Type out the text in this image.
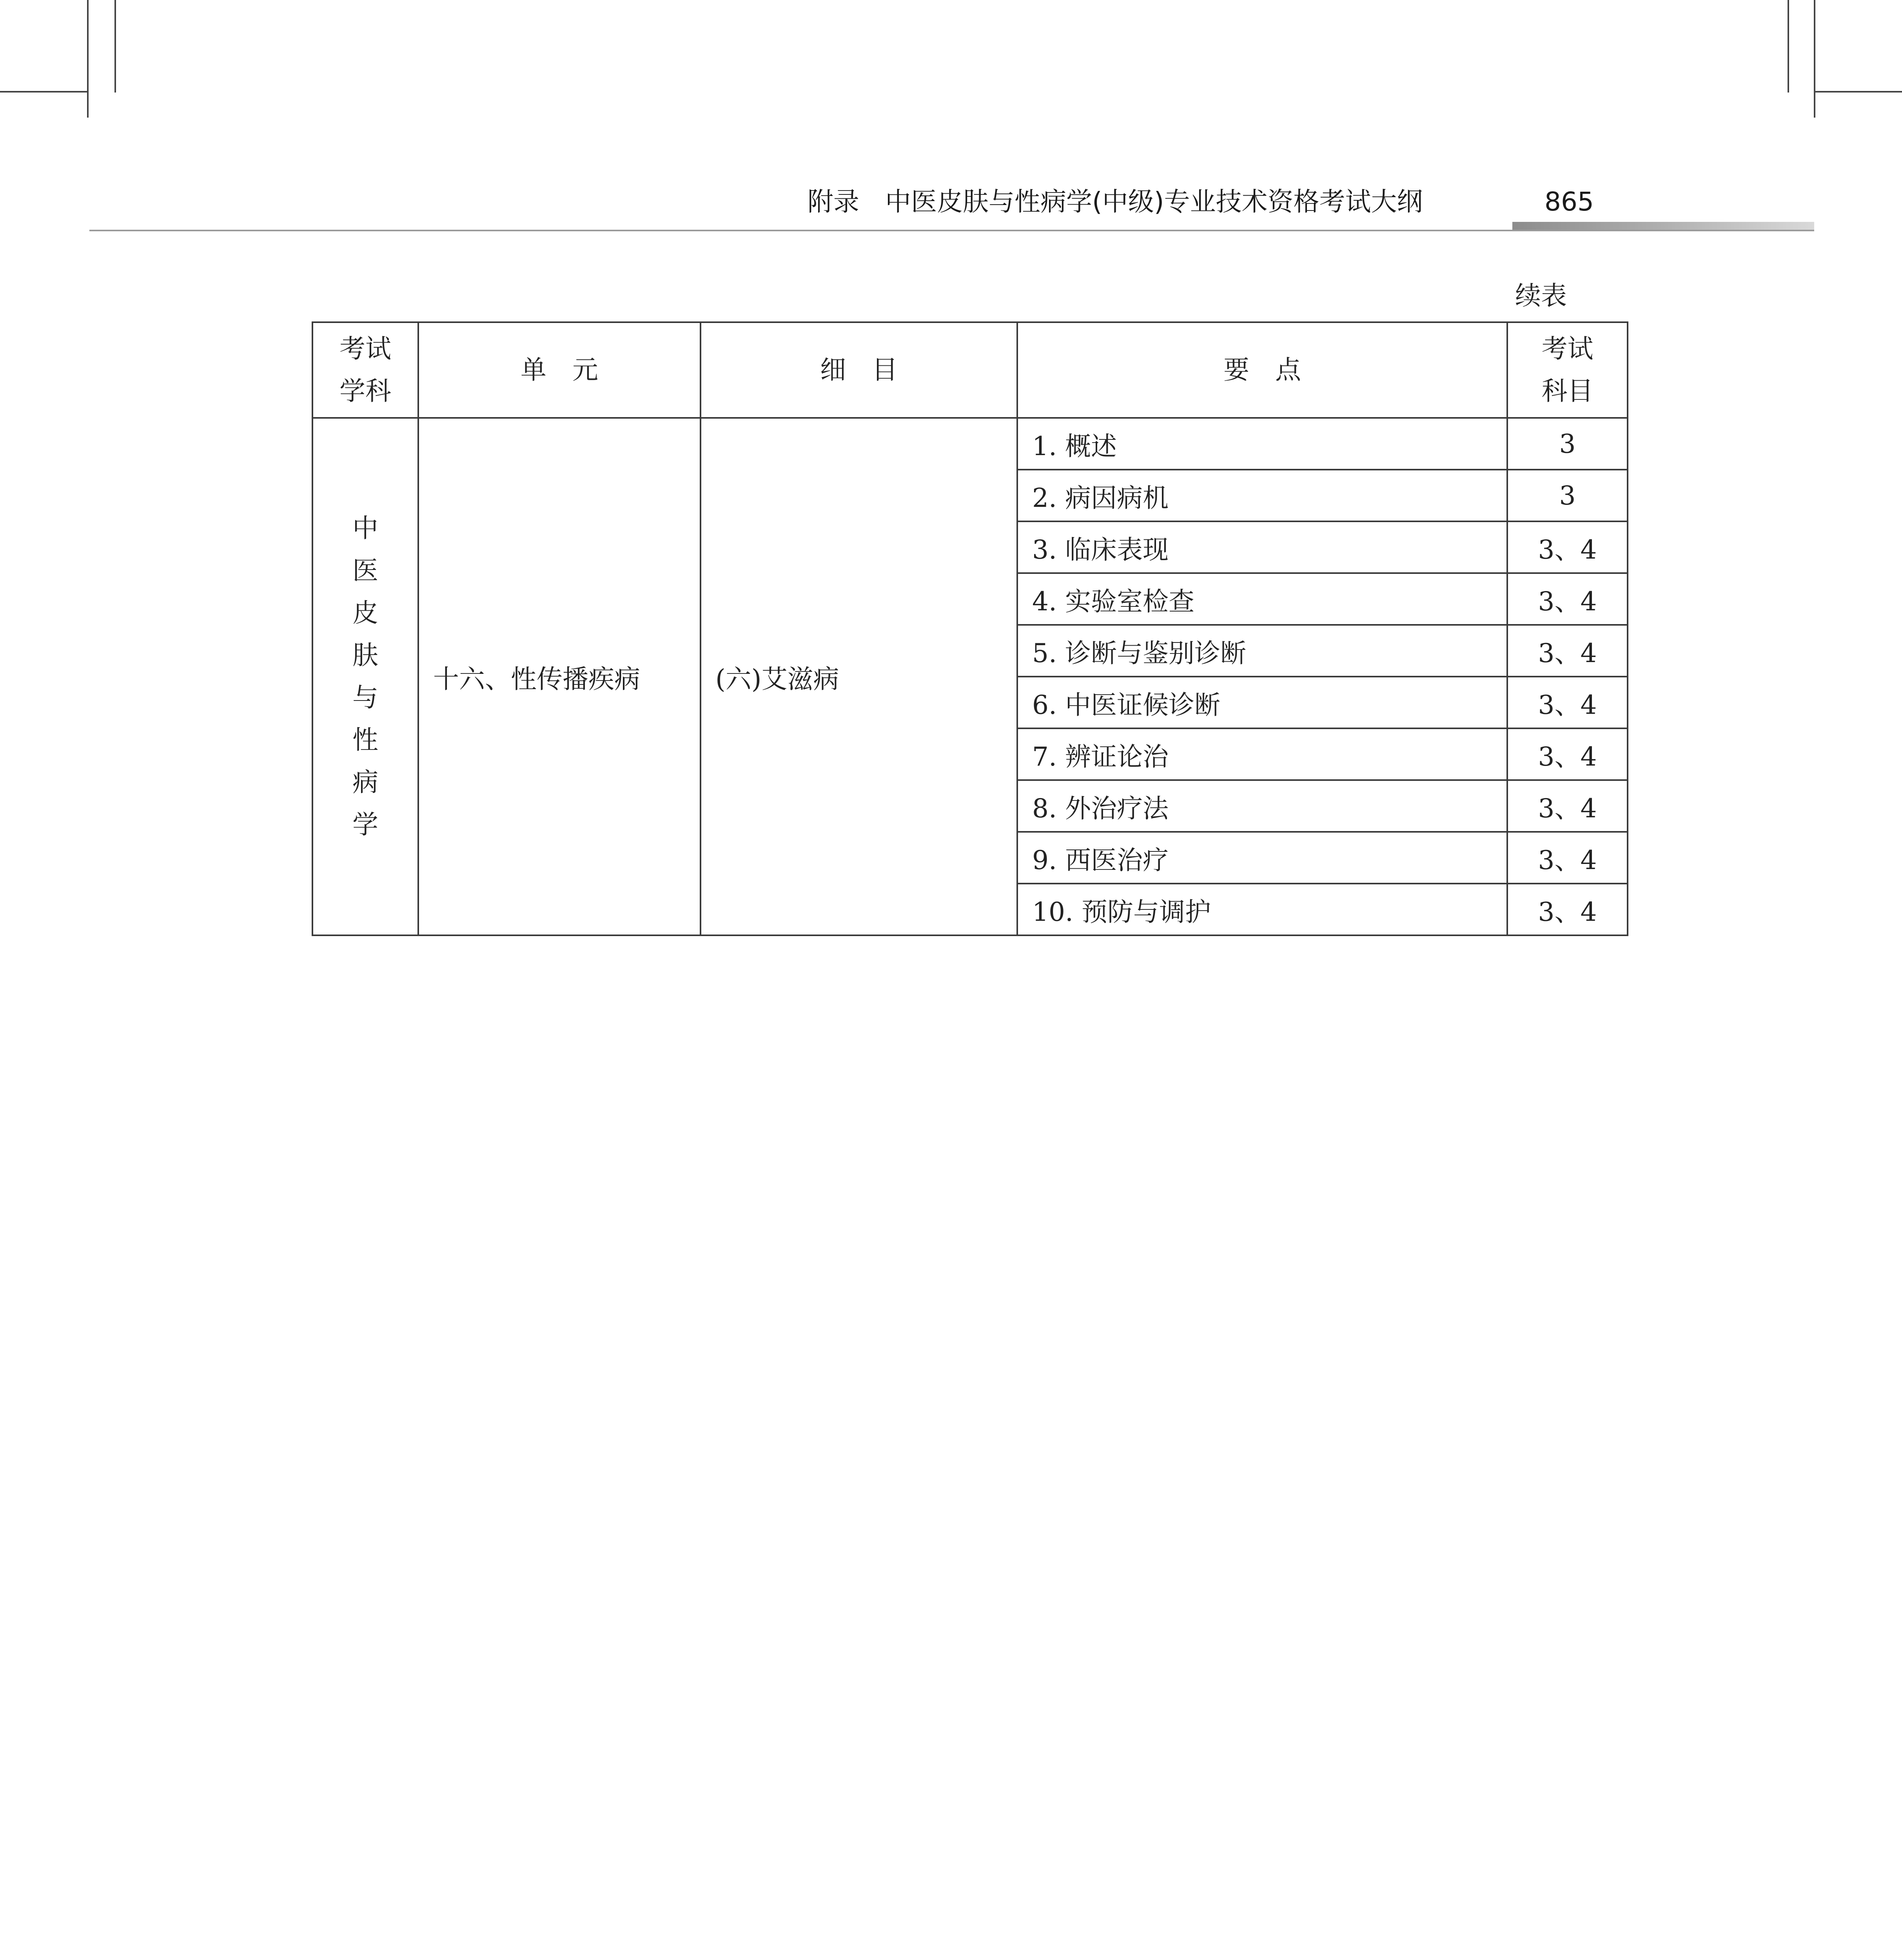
附录　中医皮肤与性病学(中级)专业技术资格考试大纲	865
续表
考试学科	单　元	细　目	要　点	考试科目
中医皮肤与性病学	十六、性传播疾病	(六)艾滋病	1. 概述	3
			2. 病因病机	3
			3. 临床表现	3、4
			4. 实验室检查	3、4
			5. 诊断与鉴别诊断	3、4
			6. 中医证候诊断	3、4
			7. 辨证论治	3、4
			8. 外治疗法	3、4
			9. 西医治疗	3、4
			10. 预防与调护	3、4
